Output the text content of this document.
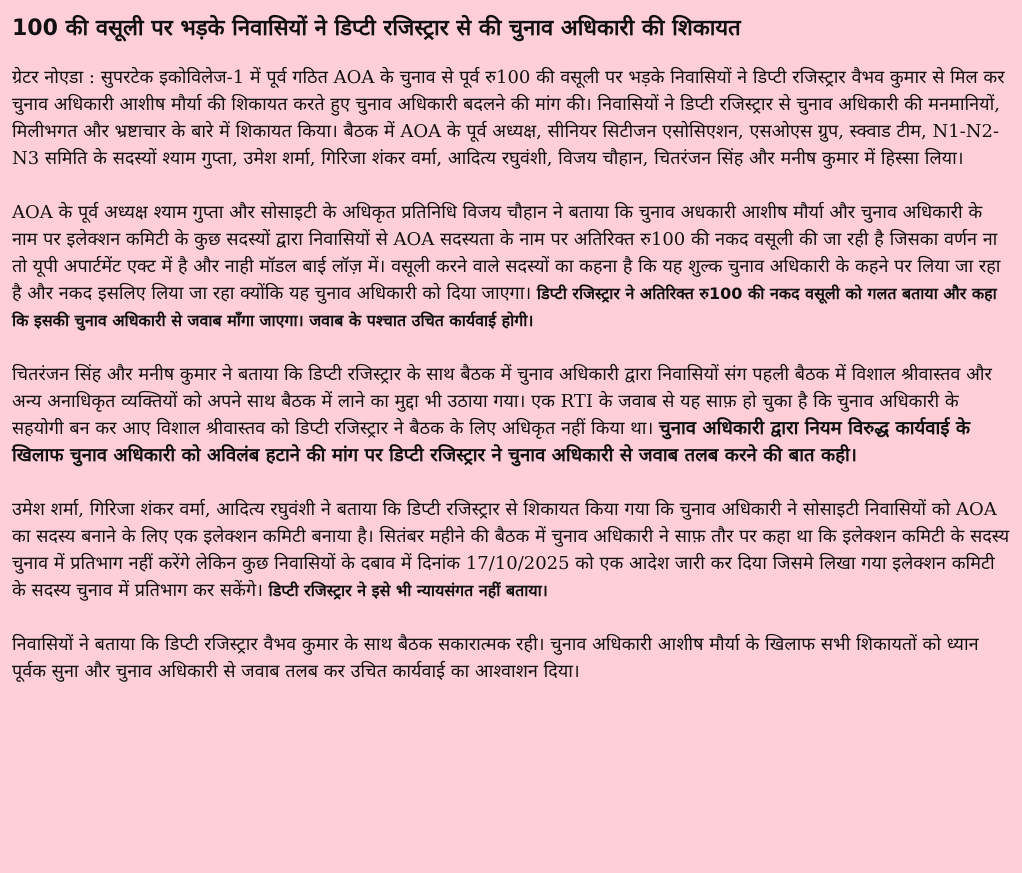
100 की वसूली पर भड़के निवासियों ने डिप्टी रजिस्ट्रार से की चुनाव अधिकारी की शिकायत

ग्रेटर नोएडा : सुपरटेक इकोविलेज-1 में पूर्व गठित AOA के चुनाव से पूर्व रु100 की वसूली पर भड़के निवासियों ने डिप्टी रजिस्ट्रार वैभव कुमार से मिल कर चुनाव अधिकारी आशीष मौर्या की शिकायत करते हुए चुनाव अधिकारी बदलने की मांग की। निवासियों ने डिप्टी रजिस्ट्रार से चुनाव अधिकारी की मनमानियों, मिलीभगत और भ्रष्टाचार के बारे में शिकायत किया। बैठक में AOA के पूर्व अध्यक्ष, सीनियर सिटीजन एसोसिएशन, एसओएस ग्रुप, स्क्वाड टीम, N1-N2-N3 समिति के सदस्यों श्याम गुप्ता, उमेश शर्मा, गिरिजा शंकर वर्मा, आदित्य रघुवंशी, विजय चौहान, चितरंजन सिंह और मनीष कुमार में हिस्सा लिया।

AOA के पूर्व अध्यक्ष श्याम गुप्ता और सोसाइटी के अधिकृत प्रतिनिधि विजय चौहान ने बताया कि चुनाव अधकारी आशीष मौर्या और चुनाव अधिकारी के नाम पर इलेक्शन कमिटी के कुछ सदस्यों द्वारा निवासियों से AOA सदस्यता के नाम पर अतिरिक्त रु100 की नकद वसूली की जा रही है जिसका वर्णन ना तो यूपी अपार्टमेंट एक्ट में है और नाही मॉडल बाई लॉज़ में। वसूली करने वाले सदस्यों का कहना है कि यह शुल्क चुनाव अधिकारी के कहने पर लिया जा रहा है और नकद इसलिए लिया जा रहा क्योंकि यह चुनाव अधिकारी को दिया जाएगा। डिप्टी रजिस्ट्रार ने अतिरिक्त रु100 की नकद वसूली को गलत बताया और कहा कि इसकी चुनाव अधिकारी से जवाब माँगा जाएगा। जवाब के पश्चात उचित कार्यवाई होगी।

चितरंजन सिंह और मनीष कुमार ने बताया कि डिप्टी रजिस्ट्रार के साथ बैठक में चुनाव अधिकारी द्वारा निवासियों संग पहली बैठक में विशाल श्रीवास्तव और अन्य अनाधिकृत व्यक्तियों को अपने साथ बैठक में लाने का मुद्दा भी उठाया गया। एक RTI के जवाब से यह साफ़ हो चुका है कि चुनाव अधिकारी के सहयोगी बन कर आए विशाल श्रीवास्तव को डिप्टी रजिस्ट्रार ने बैठक के लिए अधिकृत नहीं किया था। चुनाव अधिकारी द्वारा नियम विरुद्ध कार्यवाई के खिलाफ चुनाव अधिकारी को अविलंब हटाने की मांग पर डिप्टी रजिस्ट्रार ने चुनाव अधिकारी से जवाब तलब करने की बात कही।

उमेश शर्मा, गिरिजा शंकर वर्मा, आदित्य रघुवंशी ने बताया कि डिप्टी रजिस्ट्रार से शिकायत किया गया कि चुनाव अधिकारी ने सोसाइटी निवासियों को AOA का सदस्य बनाने के लिए एक इलेक्शन कमिटी बनाया है। सितंबर महीने की बैठक में चुनाव अधिकारी ने साफ़ तौर पर कहा था कि इलेक्शन कमिटी के सदस्य चुनाव में प्रतिभाग नहीं करेंगे लेकिन कुछ निवासियों के दबाव में दिनांक 17/10/2025 को एक आदेश जारी कर दिया जिसमे लिखा गया इलेक्शन कमिटी के सदस्य चुनाव में प्रतिभाग कर सकेंगे। डिप्टी रजिस्ट्रार ने इसे भी न्यायसंगत नहीं बताया।

निवासियों ने बताया कि डिप्टी रजिस्ट्रार वैभव कुमार के साथ बैठक सकारात्मक रही। चुनाव अधिकारी आशीष मौर्या के खिलाफ सभी शिकायतों को ध्यान पूर्वक सुना और चुनाव अधिकारी से जवाब तलब कर उचित कार्यवाई का आश्वाशन दिया।
